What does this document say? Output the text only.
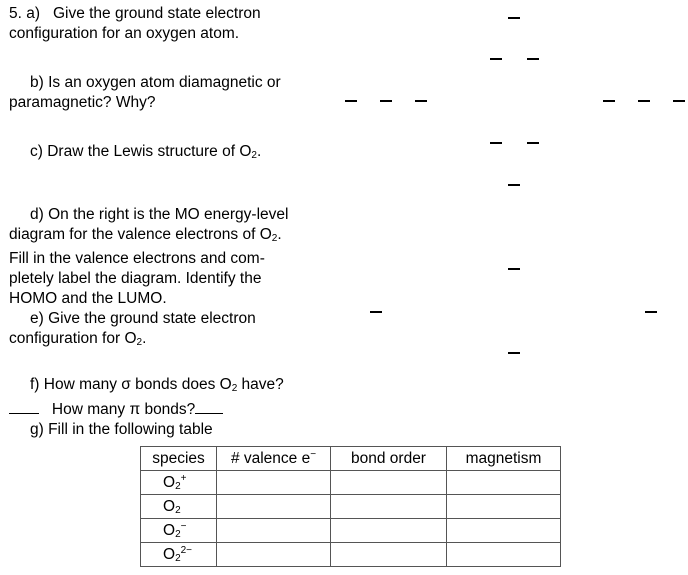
5. a) Give the ground state electron
configuration for an oxygen atom.
b) Is an oxygen atom diamagnetic or
paramagnetic? Why?
c) Draw the Lewis structure of $O_2$.
d) On the right is the MO energy-level
diagram for the valence electrons of $O_2$.
Fill in the valence electrons and com-
pletely label the diagram. Identify the
HOMO and the LUMO.
e) Give the ground state electron
configuration for $O_2$.
f) How many σ bonds does $O_2$ have?
How many π bonds?
g) Fill in the following table
species	# valence e−	bond order	magnetism
$O_2^+$			
$O_2$			
$O_2^-$			
$O_2^{2-}$			
